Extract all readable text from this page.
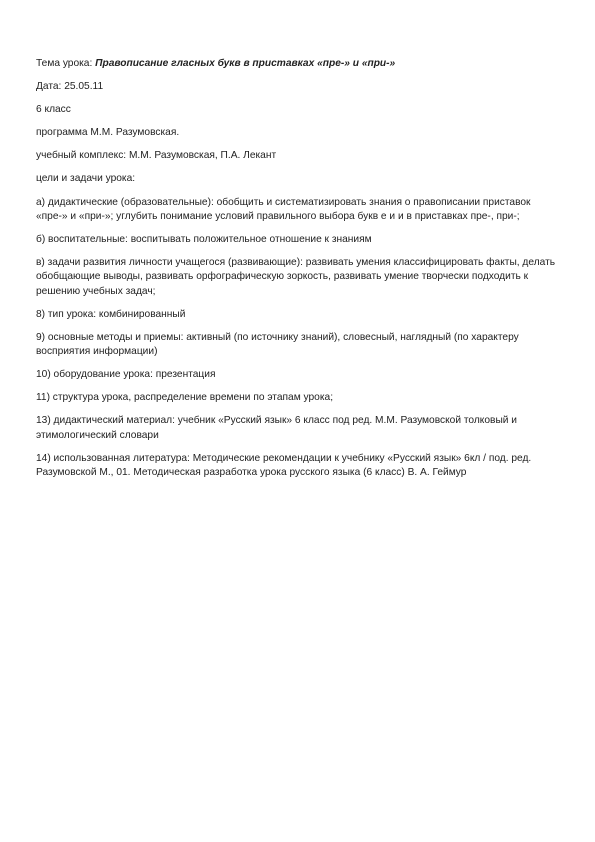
Тема урока: Правописание гласных букв в приставках «пре-» и «при-»

Дата: 25.05.11

6 класс

программа М.М. Разумовская.

учебный комплекс: М.М. Разумовская, П.А. Лекант

цели и задачи урока:

а) дидактические (образовательные): обобщить и систематизировать знания о правописании приставок «пре-» и «при-»; углубить понимание условий правильного выбора букв е и и в приставках пре-, при-;

б) воспитательные: воспитывать положительное отношение к знаниям

в) задачи развития личности учащегося (развивающие): развивать умения классифицировать факты, делать обобщающие выводы, развивать орфографическую зоркость, развивать умение творчески подходить к решению учебных задач;

8) тип урока: комбинированный

9) основные методы и приемы: активный (по источнику знаний), словесный, наглядный (по характеру восприятия информации)

10) оборудование урока: презентация

11) структура урока, распределение времени по этапам урока;

13) дидактический материал: учебник «Русский язык» 6 класс под ред. М.М. Разумовской толковый и этимологический словари

14) использованная литература: Методические рекомендации к учебнику «Русский язык» 6кл / под. ред. Разумовской М., 01. Методическая разработка урока русского языка (6 класс) В. А. Геймур
